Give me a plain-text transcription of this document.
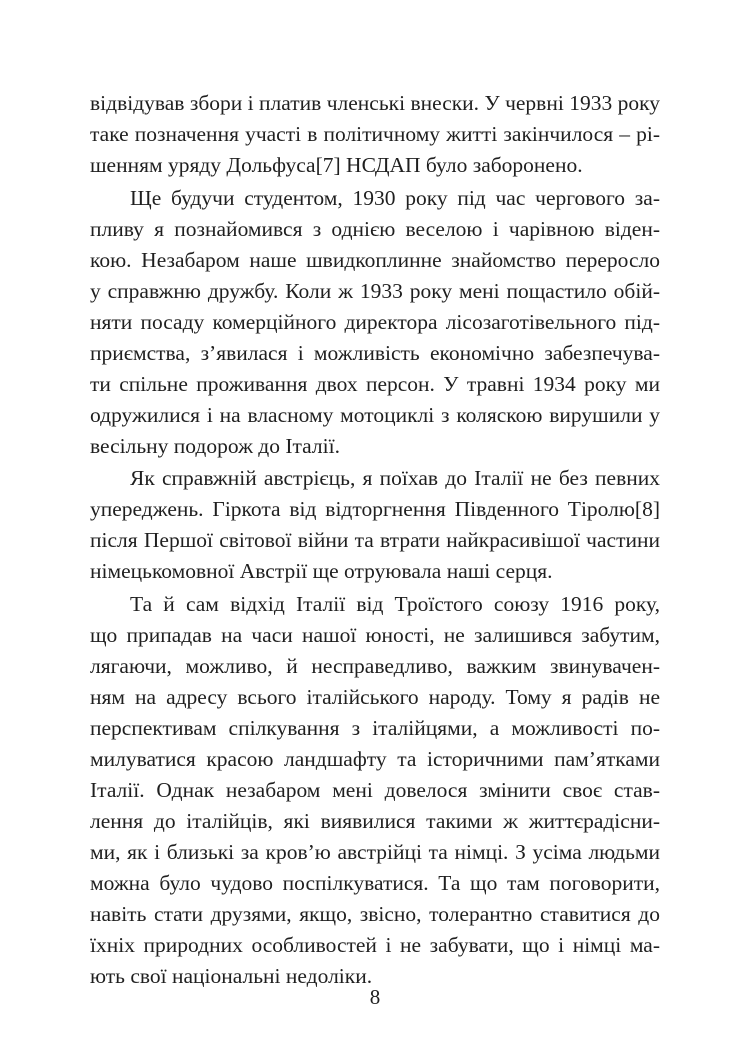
відвідував збори і платив членські внески. У червні 1933 року
таке позначення участі в політичному житті закінчилося – рі-
шенням уряду Дольфуса[7] НСДАП було заборонено.
Ще будучи студентом, 1930 року під час чергового за-
пливу я познайомився з однією веселою і чарівною віден-
кою. Незабаром наше швидкоплинне знайомство переросло
у справжню дружбу. Коли ж 1933 року мені пощастило обій-
няти посаду комерційного директора лісозаготівельного під-
приємства, з’явилася і можливість економічно забезпечува-
ти спільне проживання двох персон. У травні 1934 року ми
одружилися і на власному мотоциклі з коляскою вирушили у
весільну подорож до Італії.
Як справжній австрієць, я поїхав до Італії не без певних
упереджень. Гіркота від відторгнення Південного Тіролю[8]
після Першої світової війни та втрати найкрасивішої частини
німецькомовної Австрії ще отруювала наші серця.
Та й сам відхід Італії від Троїстого союзу 1916 року,
що припадав на часи нашої юності, не залишився забутим,
лягаючи, можливо, й несправедливо, важким звинувачен-
ням на адресу всього італійського народу. Тому я радів не
перспективам спілкування з італійцями, а можливості по-
милуватися красою ландшафту та історичними пам’ятками
Італії. Однак незабаром мені довелося змінити своє став-
лення до італійців, які виявилися такими ж життєрадісни-
ми, як і близькі за кров’ю австрійці та німці. З усіма людьми
можна було чудово поспілкуватися. Та що там поговорити,
навіть стати друзями, якщо, звісно, толерантно ставитися до
їхніх природних особливостей і не забувати, що і німці ма-
ють свої національні недоліки.
8
